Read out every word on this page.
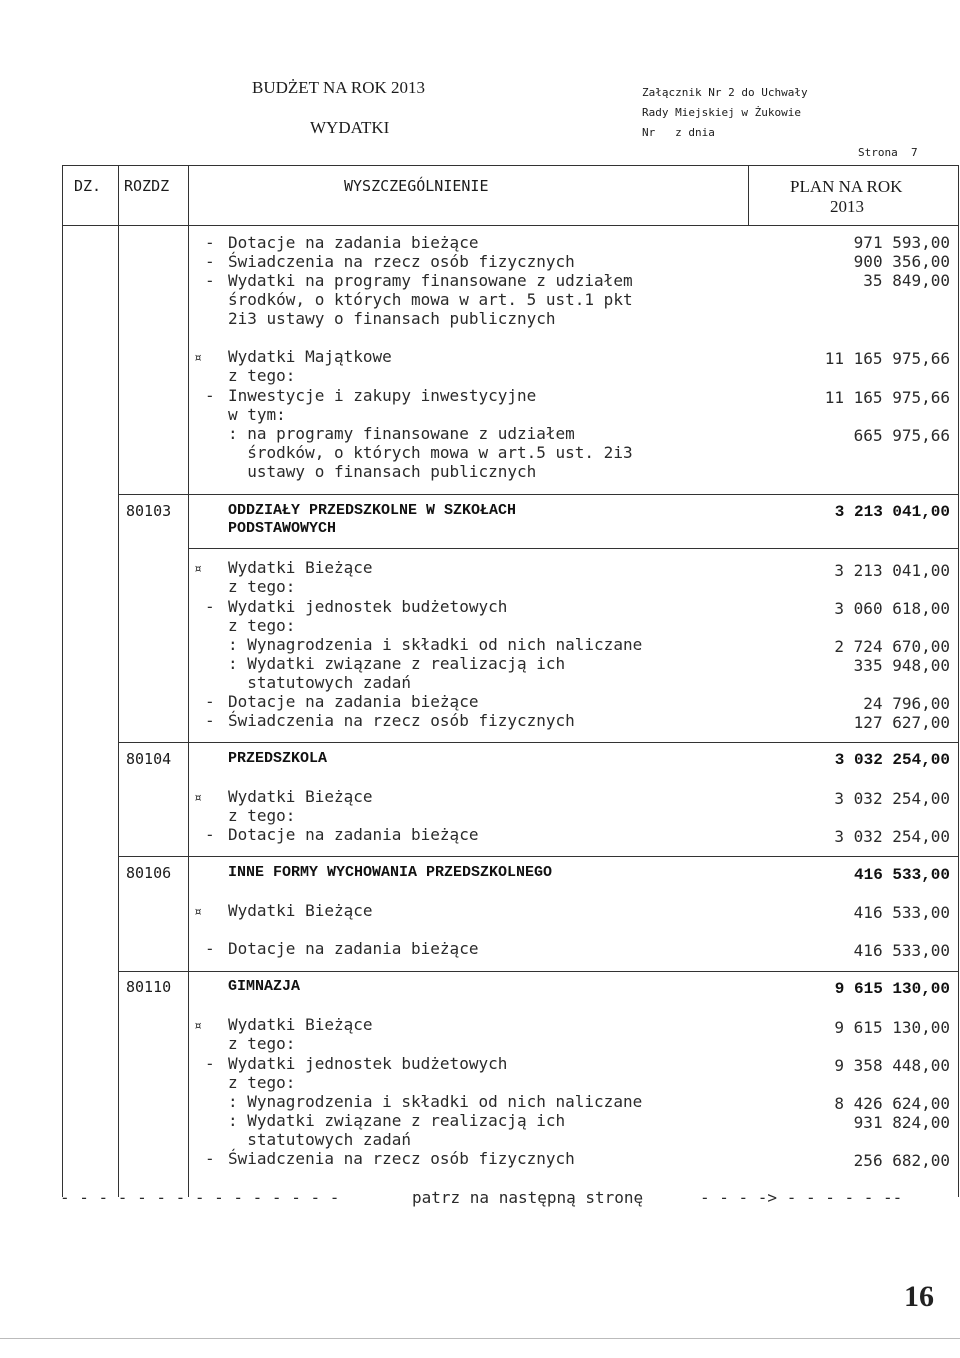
BUDŻET NA ROK 2013
WYDATKI
Załącznik Nr 2 do Uchwały
Rady Miejskiej w Żukowie
Nr   z dnia
Strona  7
DZ. ROZDZ	WYSZCZEGÓLNIENIE	PLAN NA ROK
2013
- Dotacje na zadania bieżące	971 593,00
- Świadczenia na rzecz osób fizycznych	900 356,00
- Wydatki na programy finansowane z udziałem	35 849,00
środków, o których mowa w art. 5 ust.1 pkt
2i3 ustawy o finansach publicznych
¤ Wydatki Majątkowe	11 165 975,66
z tego:
- Inwestycje i zakupy inwestycyjne	11 165 975,66
w tym:
: na programy finansowane z udziałem	665 975,66
środków, o których mowa w art.5 ust. 2i3
ustawy o finansach publicznych
80103	ODDZIAŁY PRZEDSZKOLNE W SZKOŁACH	3 213 041,00
PODSTAWOWYCH
¤ Wydatki Bieżące	3 213 041,00
z tego:
- Wydatki jednostek budżetowych	3 060 618,00
z tego:
: Wynagrodzenia i składki od nich naliczane	2 724 670,00
: Wydatki związane z realizacją ich	335 948,00
statutowych zadań
- Dotacje na zadania bieżące	24 796,00
- Świadczenia na rzecz osób fizycznych	127 627,00
80104	PRZEDSZKOLA	3 032 254,00
¤ Wydatki Bieżące	3 032 254,00
z tego:
- Dotacje na zadania bieżące	3 032 254,00
80106	INNE FORMY WYCHOWANIA PRZEDSZKOLNEGO	416 533,00
¤ Wydatki Bieżące	416 533,00
- Dotacje na zadania bieżące	416 533,00
80110	GIMNAZJA	9 615 130,00
¤ Wydatki Bieżące	9 615 130,00
z tego:
- Wydatki jednostek budżetowych	9 358 448,00
z tego:
: Wynagrodzenia i składki od nich naliczane	8 426 624,00
: Wydatki związane z realizacją ich	931 824,00
statutowych zadań
- Świadczenia na rzecz osób fizycznych	256 682,00
- - - - - - - - - - - - - - -	patrz na następną stronę	- - - -> - - - - - --
16
